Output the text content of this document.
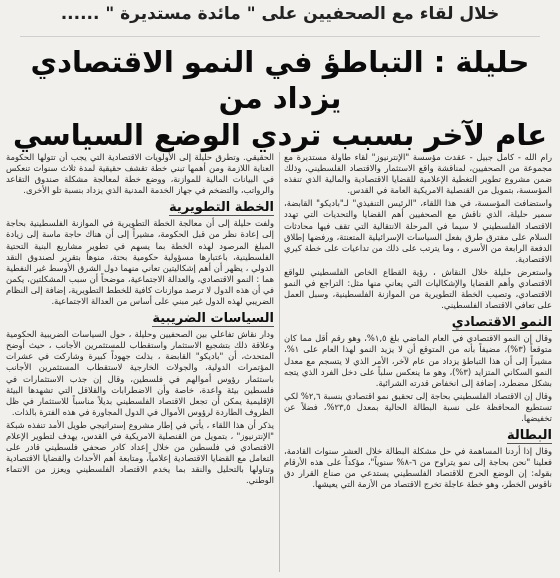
خلال لقاء مع الصحفيين على " مائدة مستديرة " ......
حليلة : التباطؤ في النمو الاقتصادي يزداد من
عام لآخر بسبب تردي الوضع السياسي

رام الله - كامل جبيل - عقدت مؤسسة "الإنترنيوز" لقاء طاولة مستديرة مع مجموعة من الصحفيين، لمناقشة واقع الاستثمار والاقتصاد الفلسطيني، وذلك ضمن مشروع تطوير التغطية الإعلامية للقضايا الاقتصادية والمالية الذي تنفذه المؤسسة، بتمويل من القنصلية الامريكية العامة في القدس.

واستضافت المؤسسة، في هذا اللقاء، "الرئيس التنفيذي" لـ"باديكو" القابضة، سمير حليلة، الذي ناقش مع الصحفيين أهم القضايا والتحديات التي تهدد الاقتصاد الفلسطيني لا سيما في المرحلة الانتقالية التي تقف فيها محادثات السلام على مفترق طرق بفعل السياسات الإسرائيلية المتعنتة، ورفضها إطلاق الدفعة الرابعة من الأسرى ، وما يترتب على ذلك من تداعيات على خطة كيري الاقتصادية.

واستعرض حليلة خلال النقاش ، رؤية القطاع الخاص الفلسطيني للواقع الاقتصادي وأهم القضايا والإشكاليات التي يعاني منها مثل: التراجع في النمو الاقتصادي، وتصيب الخطة التطويرية من الموازنة الفلسطينية، وسبل العمل على تعافي الاقتصاد الفلسطيني.

النمو الاقتصادي

وقال إن النمو الاقتصادي في العام الماضي بلغ ١,٥%، وهو رقم أقل مما كان متوقعاً (٣%)، مضيفاً بأنه من المتوقع أن لا يزيد النمو لهذا العام على ١%، مشيراً إلى أن هذا التباطؤ يزداد من عام لآخر، الأمر الذي لا يتسجم مع معدل النمو السكاني المتزايد (٣%)، وهو ما ينعكس سلباً على دخل الفرد الذي يتجه بشكل مضطرد، إضافة إلى انخفاض قدرته الشرائية.

وقال إن الاقتصاد الفلسطيني بحاجة إلى تحقيق نمو اقتصادي بنسبة ٢,٦% لكي تستطيع المحافظة على نسبة البطالة الحالية بمعدل ٢٣,٥%، فضلاً عن تخفيضها.

البطالة

وقال إذا أردنا المساهمة في حل مشكلة البطالة خلال العشر سنوات القادمة، فعلينا "نحن بحاجة إلى نمو يتراوح من ٦-٨% سنوياً"، مؤكداً على هذه الأرقام بقوله: إن الوضع الحرج للاقتصاد الفلسطيني يستدعي من صناع القرار دق ناقوس الخطر، وهو خطة عاجلة تخرج الاقتصاد من الأزمة التي يعيشها.

الحقيقي. وتطرق حليلة إلى الأولويات الاقتصادية التي يجب أن تتولها الحكومة العناية اللازمة ومن أهمها تبني خطة تقشف حقيقية لمدة ثلاث سنوات تنعكس في البيانات المالية للموازنة، ووضع خطة لمعالجة مشكلة صندوق التقاعد والرواتب، والتضخم في جهاز الخدمة المدنية الذي يزداد بنسبة تلو الأخرى.

الخطة التطويرية

ولفت حليلة إلى أن معالجة الخطة التطويرية في الموازنة الفلسطينية بحاجة إلى إعادة نظر من قبل الحكومة، مشيراً إلى أن هناك حاجة ماسة إلى زيادة المبلغ المرصود لهذه الخطة بما يسهم في تطوير مشاريع البنية التحتية الفلسطينية، باعتبارها مسؤولية حكومية بحتة، منوهاً بتقرير لصندوق النقد الدولي ، يظهر أن أهم إشكاليتين تعاني منهما دول الشرق الأوسط غير النفطية هما : النمو الاقتصادي، والعدالة الاجتماعية، موضحاً أن سبب المشكلتين، يكمن في أن هذه الدول لا ترصد موازنات كافية للخطط التطويرية، إضافة إلى النظام الضريبي لهذه الدول غير مبني على أساس من العدالة الاجتماعية.

السياسات الضريبية

ودار نقاش تفاعلي بين الصحفيين وحليلة ، حول السياسات الضريبية الحكومية وعلاقة ذلك بتشجيع الاستثمار واستقطاب للمستثمرين الأجانب ، حيث أوضح المتحدث، أن "باديكو" القابضة ، بذلت جهوداً كبيرة وشاركت في عشرات المؤتمرات الدولية، والجولات الخارجية لاستقطاب المستثمرين الأجانب باستثمار رؤوس أموالهم في فلسطين، وقال إن جذب الاستثمارات في فلسطين بيئة واعدة، خاصة وأن الاضطرابات والقلاقل التي تشهدها البيئة الإقليمية يمكن أن تجعل الاقتصاد الفلسطيني بديلاً مناسباً للاستثمار في ظل الظروف الطاردة لرؤوس الأموال في الدول المجاورة في هذه الفترة بالذات.

يذكر أن هذا اللقاء ، يأتي في إطار مشروع إستراتيجي طويل الأمد تنفذه شبكة "الإنترنيوز" ، بتمويل من القنصلية الامريكية في القدس، يهدف لتطوير الإعلام الاقتصادي في فلسطين من خلال إعداد كادر صحفي فلسطيني قادر على التعامل مع القضايا الاقتصادية إعلامياً، ومتابعة أهم الأحداث والقضايا الاقتصادية وتناولها بالتحليل والنقد بما يخدم الاقتصاد الفلسطيني ويعزز من الانتماء الوطني.
